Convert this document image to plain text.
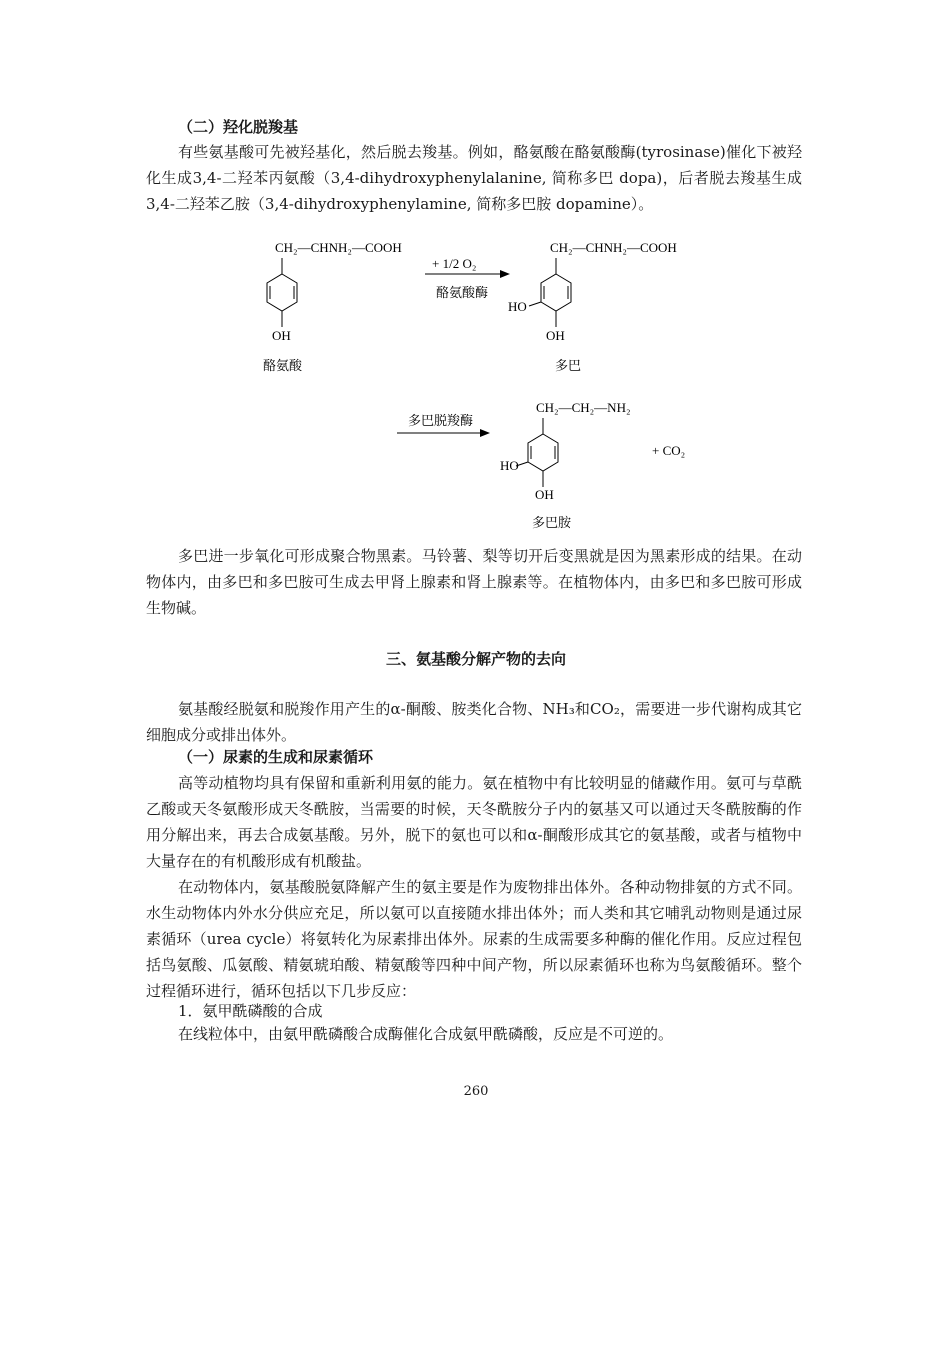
（二）羟化脱羧基
有些氨基酸可先被羟基化，然后脱去羧基。例如，酪氨酸在酪氨酸酶(tyrosinase)催化下被羟化生成3,4-二羟苯丙氨酸（3,4-dihydroxyphenylalanine, 简称多巴 dopa)，后者脱去羧基生成3,4-二羟苯乙胺（3,4-dihydroxyphenylamine, 简称多巴胺 dopamine）。
CH₂—CHNH₂—COOH
OH
酪氨酸
+ 1/2 O₂
酪氨酸酶
CH₂—CHNH₂—COOH
HO
OH
多巴
多巴脱羧酶
CH₂—CH₂—NH₂
HO
OH
+ CO₂
多巴胺
多巴进一步氧化可形成聚合物黑素。马铃薯、梨等切开后变黑就是因为黑素形成的结果。在动物体内，由多巴和多巴胺可生成去甲肾上腺素和肾上腺素等。在植物体内，由多巴和多巴胺可形成生物碱。
三、氨基酸分解产物的去向
氨基酸经脱氨和脱羧作用产生的α-酮酸、胺类化合物、NH₃和CO₂，需要进一步代谢构成其它细胞成分或排出体外。
（一）尿素的生成和尿素循环
高等动植物均具有保留和重新利用氨的能力。氨在植物中有比较明显的储藏作用。氨可与草酰乙酸或天冬氨酸形成天冬酰胺，当需要的时候，天冬酰胺分子内的氨基又可以通过天冬酰胺酶的作用分解出来，再去合成氨基酸。另外，脱下的氨也可以和α-酮酸形成其它的氨基酸，或者与植物中大量存在的有机酸形成有机酸盐。
在动物体内，氨基酸脱氨降解产生的氨主要是作为废物排出体外。各种动物排氨的方式不同。水生动物体内外水分供应充足，所以氨可以直接随水排出体外；而人类和其它哺乳动物则是通过尿素循环（urea cycle）将氨转化为尿素排出体外。尿素的生成需要多种酶的催化作用。反应过程包括鸟氨酸、瓜氨酸、精氨琥珀酸、精氨酸等四种中间产物，所以尿素循环也称为鸟氨酸循环。整个过程循环进行，循环包括以下几步反应：
1．氨甲酰磷酸的合成
在线粒体中，由氨甲酰磷酸合成酶催化合成氨甲酰磷酸，反应是不可逆的。
260
